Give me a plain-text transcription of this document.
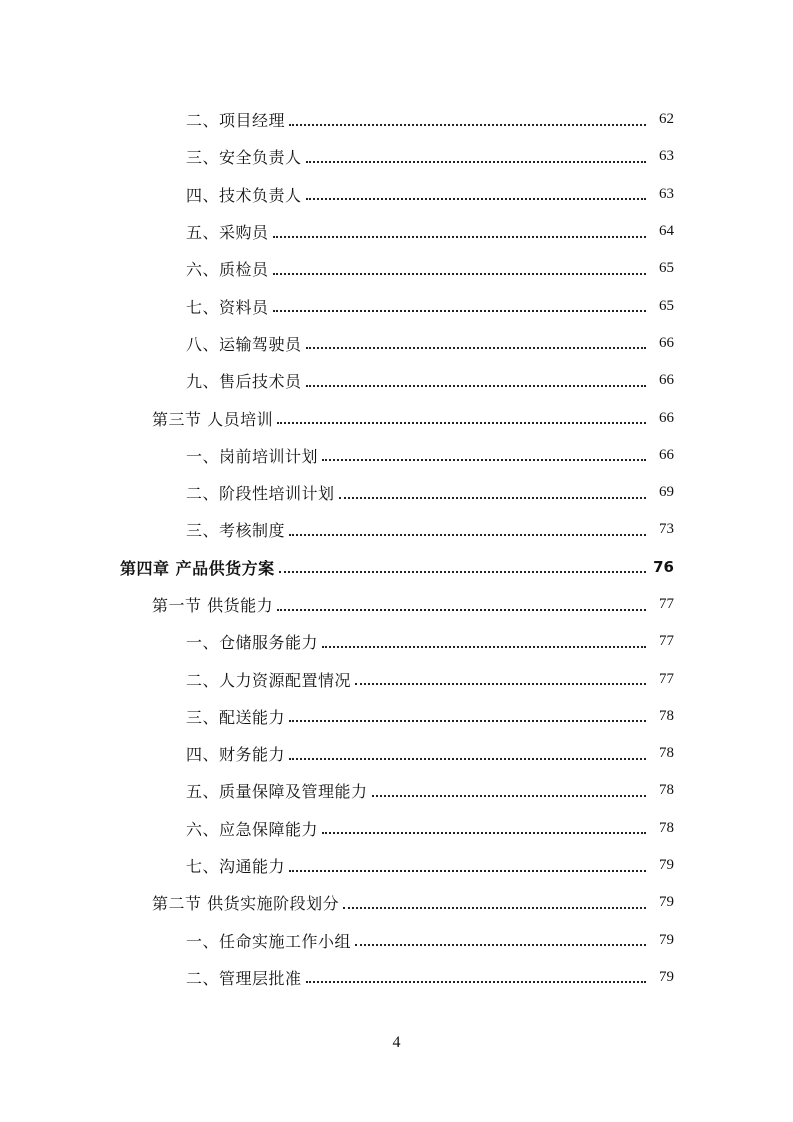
二、项目经理	62
三、安全负责人	63
四、技术负责人	63
五、采购员	64
六、质检员	65
七、资料员	65
八、运输驾驶员	66
九、售后技术员	66
第三节 人员培训	66
一、岗前培训计划	66
二、阶段性培训计划	69
三、考核制度	73
第四章 产品供货方案	76
第一节 供货能力	77
一、仓储服务能力	77
二、人力资源配置情况	77
三、配送能力	78
四、财务能力	78
五、质量保障及管理能力	78
六、应急保障能力	78
七、沟通能力	79
第二节 供货实施阶段划分	79
一、任命实施工作小组	79
二、管理层批准	79
4
